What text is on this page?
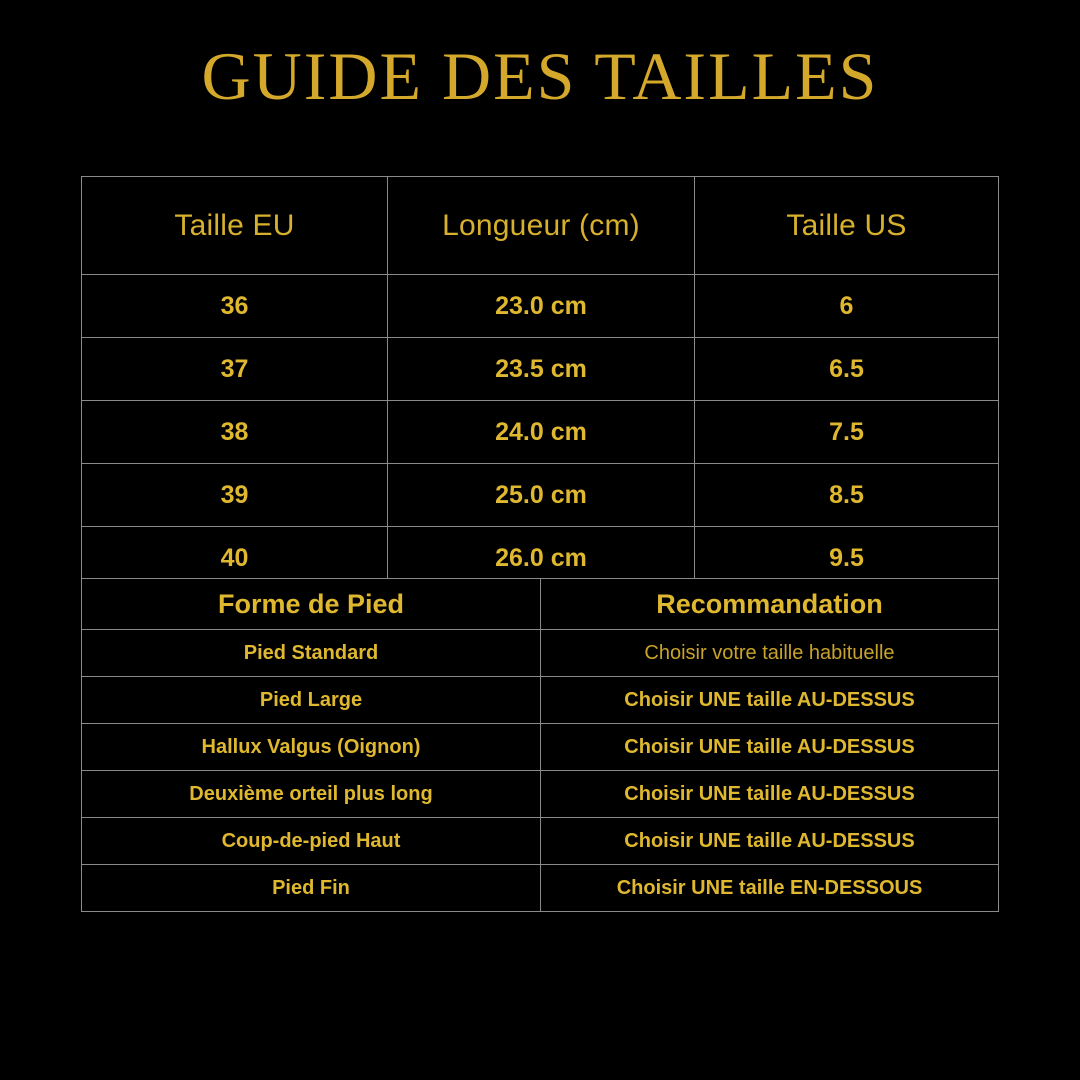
GUIDE DES TAILLES
Taille EU	Longueur (cm)	Taille US
36	23.0 cm	6
37	23.5 cm	6.5
38	24.0 cm	7.5
39	25.0 cm	8.5
40	26.0 cm	9.5
Forme de Pied	Recommandation
Pied Standard	Choisir votre taille habituelle
Pied Large	Choisir UNE taille AU-DESSUS
Hallux Valgus (Oignon)	Choisir UNE taille AU-DESSUS
Deuxième orteil plus long	Choisir UNE taille AU-DESSUS
Coup-de-pied Haut	Choisir UNE taille AU-DESSUS
Pied Fin	Choisir UNE taille EN-DESSOUS
